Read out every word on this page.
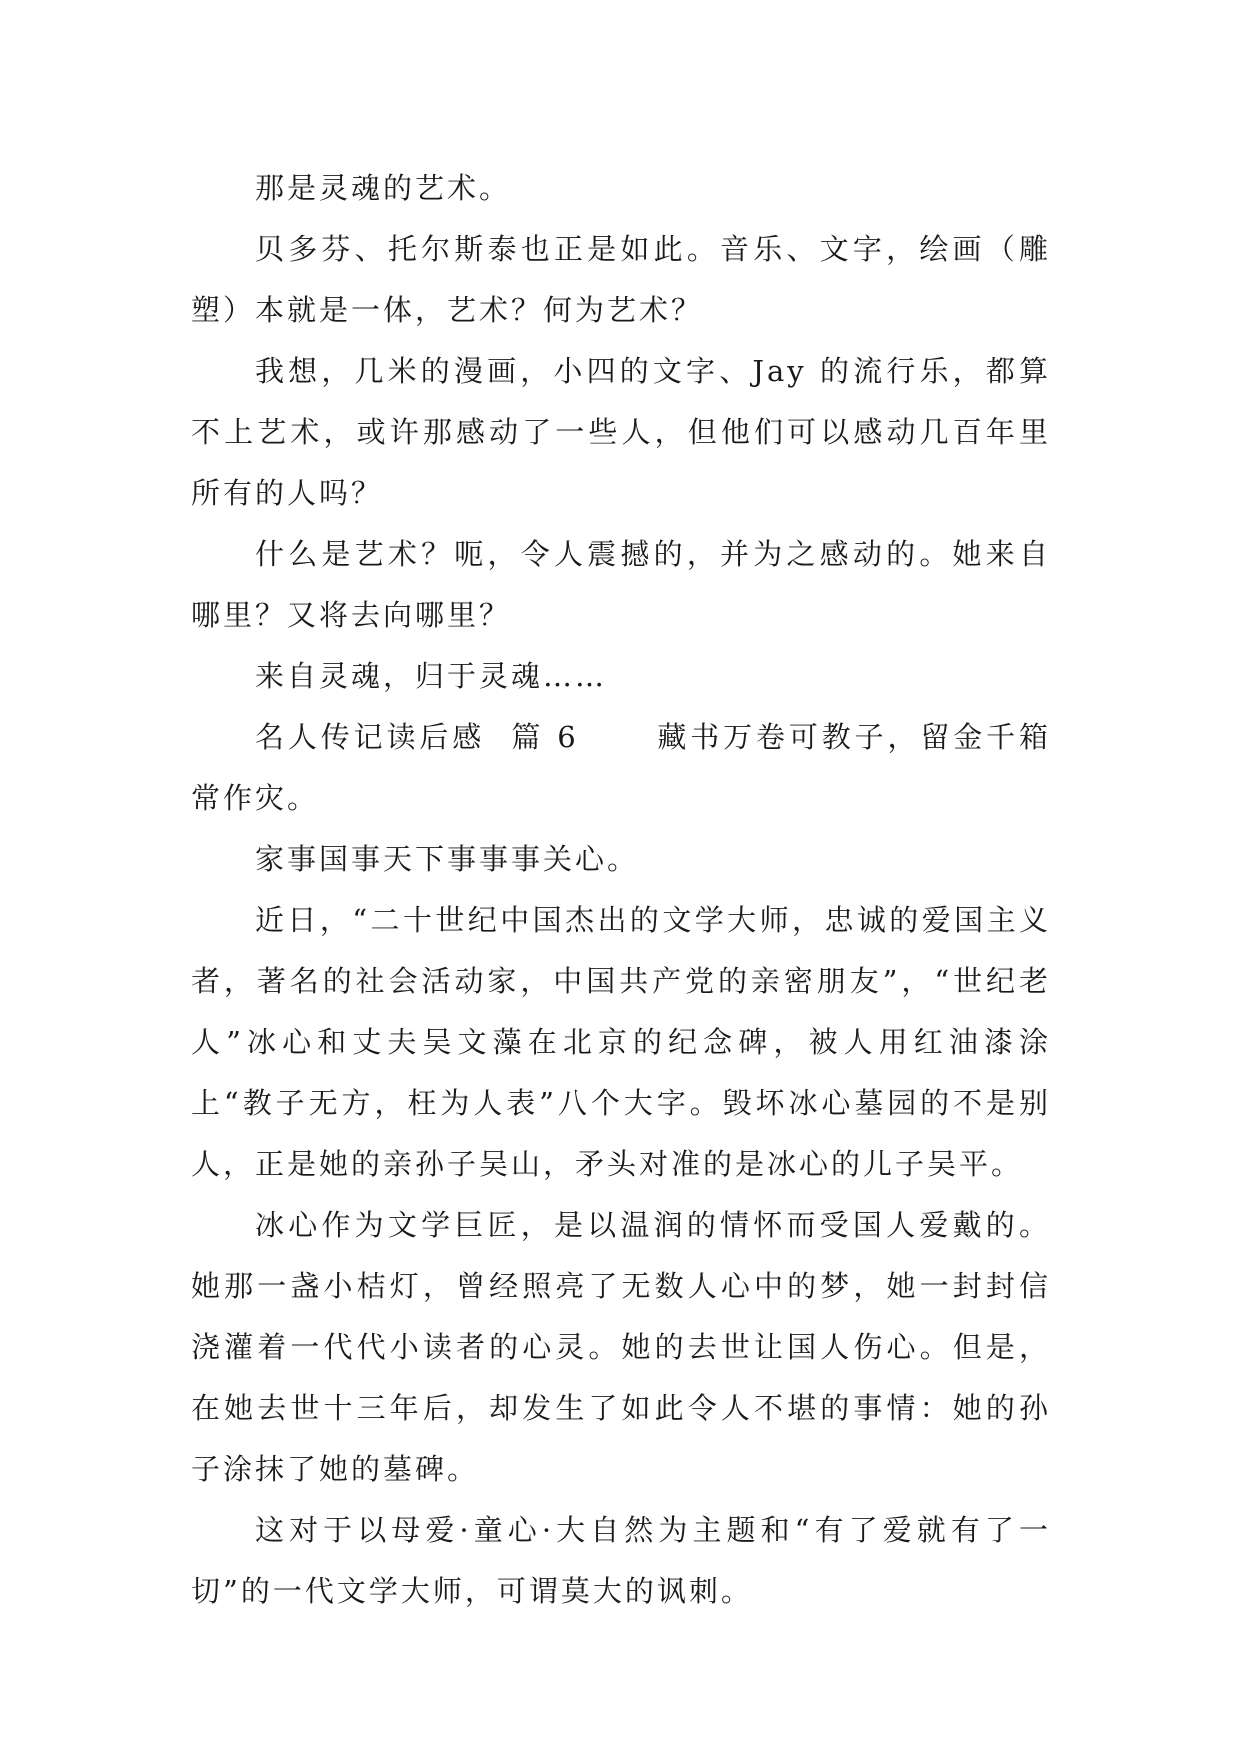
那是灵魂的艺术。

贝多芬、托尔斯泰也正是如此。音乐、文字，绘画（雕塑）本就是一体，艺术？何为艺术？

我想，几米的漫画，小四的文字、Jay 的流行乐，都算不上艺术，或许那感动了一些人，但他们可以感动几百年里所有的人吗？

什么是艺术？呃，令人震撼的，并为之感动的。她来自哪里？又将去向哪里？

来自灵魂，归于灵魂……

名人传记读后感  篇 6      藏书万卷可教子，留金千箱常作灾。

家事国事天下事事事关心。

近日，“二十世纪中国杰出的文学大师，忠诚的爱国主义者，著名的社会活动家，中国共产党的亲密朋友”，“世纪老人”冰心和丈夫吴文藻在北京的纪念碑，被人用红油漆涂上“教子无方，枉为人表”八个大字。毁坏冰心墓园的不是别人，正是她的亲孙子吴山，矛头对准的是冰心的儿子吴平。

冰心作为文学巨匠，是以温润的情怀而受国人爱戴的。她那一盏小桔灯，曾经照亮了无数人心中的梦，她一封封信浇灌着一代代小读者的心灵。她的去世让国人伤心。但是，在她去世十三年后，却发生了如此令人不堪的事情：她的孙子涂抹了她的墓碑。

这对于以母爱·童心·大自然为主题和“有了爱就有了一切”的一代文学大师，可谓莫大的讽刺。
